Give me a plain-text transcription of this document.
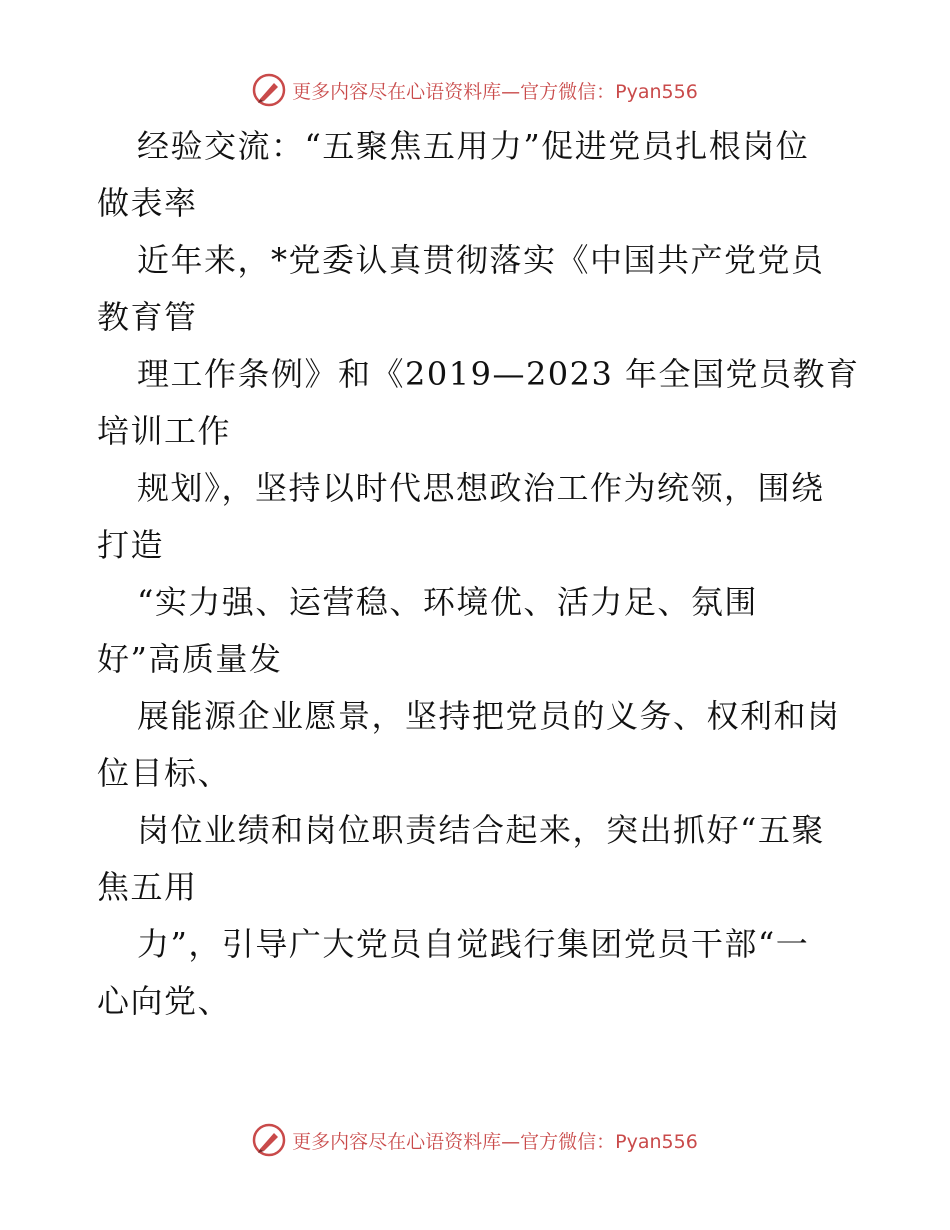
更多内容尽在心语资料库—官方微信：Pyan556
经验交流：“五聚焦五用力”促进党员扎根岗位
做表率
近年来，*党委认真贯彻落实《中国共产党党员
教育管
理工作条例》和《2019—2023 年全国党员教育
培训工作
规划》，坚持以时代思想政治工作为统领，围绕
打造
“实力强、运营稳、环境优、活力足、氛围
好”高质量发
展能源企业愿景，坚持把党员的义务、权利和岗
位目标、
岗位业绩和岗位职责结合起来，突出抓好“五聚
焦五用
力”，引导广大党员自觉践行集团党员干部“一
心向党、
更多内容尽在心语资料库—官方微信：Pyan556
